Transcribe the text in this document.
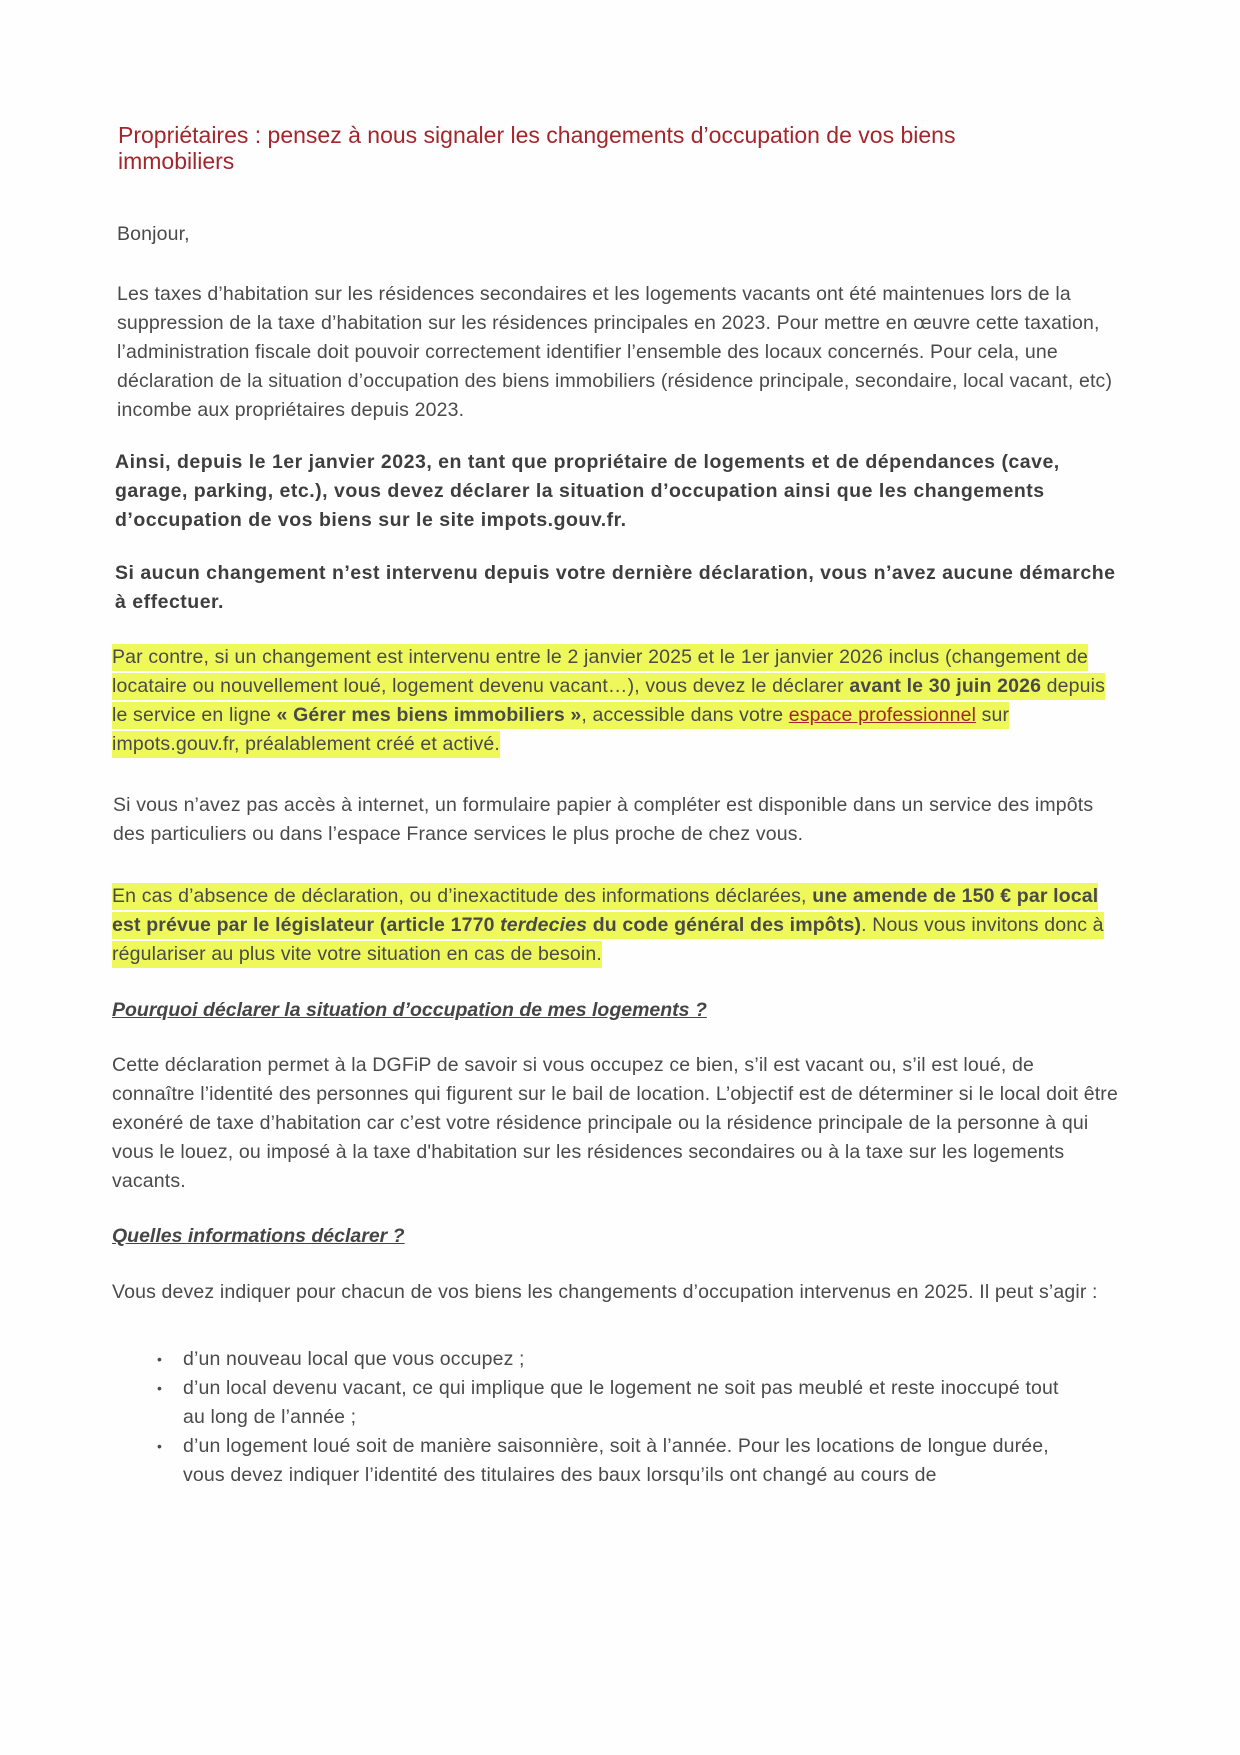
Propriétaires : pensez à nous signaler les changements d’occupation de vos biens immobiliers

Bonjour,

Les taxes d’habitation sur les résidences secondaires et les logements vacants ont été maintenues lors de la suppression de la taxe d’habitation sur les résidences principales en 2023. Pour mettre en œuvre cette taxation, l’administration fiscale doit pouvoir correctement identifier l’ensemble des locaux concernés. Pour cela, une déclaration de la situation d’occupation des biens immobiliers (résidence principale, secondaire, local vacant, etc) incombe aux propriétaires depuis 2023.

Ainsi, depuis le 1er janvier 2023, en tant que propriétaire de logements et de dépendances (cave, garage, parking, etc.), vous devez déclarer la situation d’occupation ainsi que les changements d’occupation de vos biens sur le site impots.gouv.fr.

Si aucun changement n’est intervenu depuis votre dernière déclaration, vous n’avez aucune démarche à effectuer.

Par contre, si un changement est intervenu entre le 2 janvier 2025 et le 1er janvier 2026 inclus (changement de locataire ou nouvellement loué, logement devenu vacant…), vous devez le déclarer avant le 30 juin 2026 depuis le service en ligne « Gérer mes biens immobiliers », accessible dans votre espace professionnel sur impots.gouv.fr, préalablement créé et activé.

Si vous n’avez pas accès à internet, un formulaire papier à compléter est disponible dans un service des impôts des particuliers ou dans l’espace France services le plus proche de chez vous.

En cas d’absence de déclaration, ou d’inexactitude des informations déclarées, une amende de 150 € par local est prévue par le législateur (article 1770 terdecies du code général des impôts). Nous vous invitons donc à régulariser au plus vite votre situation en cas de besoin.

Pourquoi déclarer la situation d’occupation de mes logements ?

Cette déclaration permet à la DGFiP de savoir si vous occupez ce bien, s’il est vacant ou, s’il est loué, de connaître l’identité des personnes qui figurent sur le bail de location. L’objectif est de déterminer si le local doit être exonéré de taxe d’habitation car c’est votre résidence principale ou la résidence principale de la personne à qui vous le louez, ou imposé à la taxe d'habitation sur les résidences secondaires ou à la taxe sur les logements vacants.

Quelles informations déclarer ?

Vous devez indiquer pour chacun de vos biens les changements d’occupation intervenus en 2025. Il peut s’agir :

• d’un nouveau local que vous occupez ;
• d’un local devenu vacant, ce qui implique que le logement ne soit pas meublé et reste inoccupé tout au long de l’année ;
• d’un logement loué soit de manière saisonnière, soit à l’année. Pour les locations de longue durée, vous devez indiquer l’identité des titulaires des baux lorsqu’ils ont changé au cours de
